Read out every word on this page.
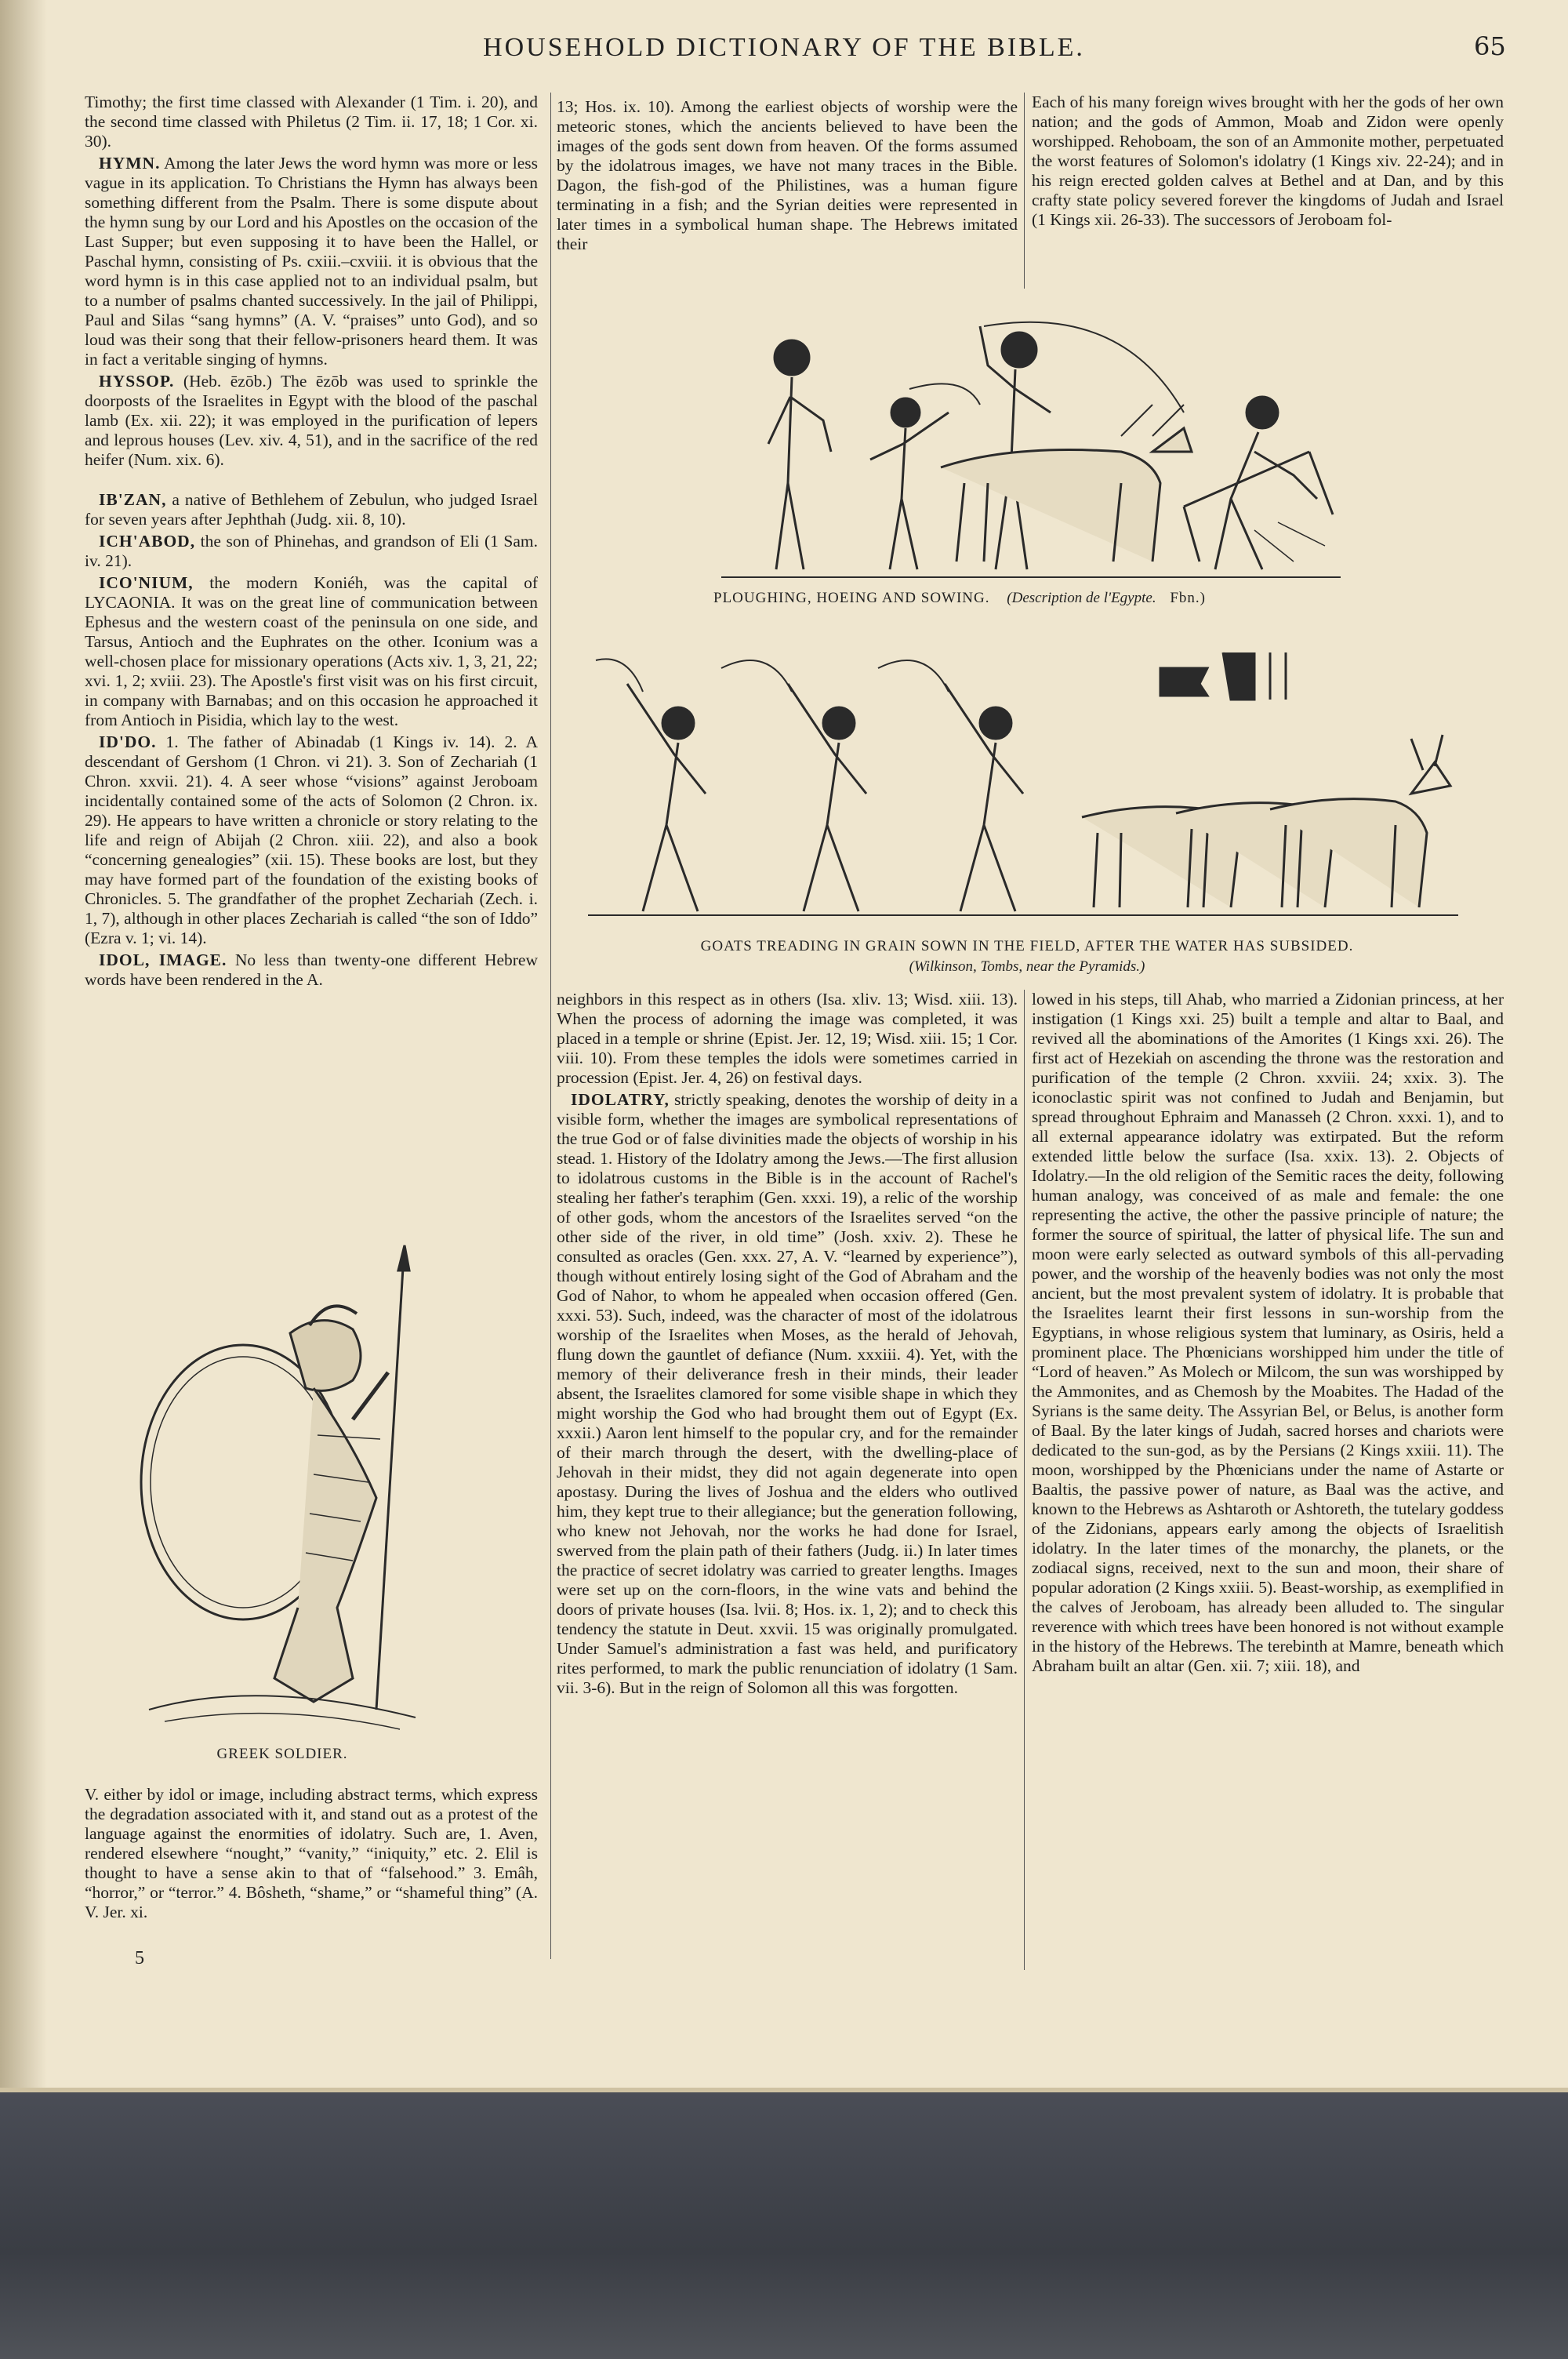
HOUSEHOLD DICTIONARY OF THE BIBLE.	65

Timothy; the first time classed with Alexander (1 Tim. i. 20), and the second time classed with Philetus (2 Tim. ii. 17, 18; 1 Cor. xi. 30).

HYMN. Among the later Jews the word hymn was more or less vague in its application. To Christians the Hymn has always been something different from the Psalm. There is some dispute about the hymn sung by our Lord and his Apostles on the occasion of the Last Supper; but even supposing it to have been the Hallel, or Paschal hymn, consisting of Ps. cxiii.–cxviii. it is obvious that the word hymn is in this case applied not to an individual psalm, but to a number of psalms chanted successively. In the jail of Philippi, Paul and Silas “sang hymns” (A. V. “praises” unto God), and so loud was their song that their fellow-prisoners heard them. It was in fact a veritable singing of hymns.

HYSSOP. (Heb. ēzōb.) The ēzōb was used to sprinkle the doorposts of the Israelites in Egypt with the blood of the paschal lamb (Ex. xii. 22); it was employed in the purification of lepers and leprous houses (Lev. xiv. 4, 51), and in the sacrifice of the red heifer (Num. xix. 6).

IB'ZAN, a native of Bethlehem of Zebulun, who judged Israel for seven years after Jephthah (Judg. xii. 8, 10).

ICH'ABOD, the son of Phinehas, and grandson of Eli (1 Sam. iv. 21).

ICO'NIUM, the modern Koniéh, was the capital of LYCAONIA. It was on the great line of communication between Ephesus and the western coast of the peninsula on one side, and Tarsus, Antioch and the Euphrates on the other. Iconium was a well-chosen place for missionary operations (Acts xiv. 1, 3, 21, 22; xvi. 1, 2; xviii. 23). The Apostle's first visit was on his first circuit, in company with Barnabas; and on this occasion he approached it from Antioch in Pisidia, which lay to the west.

ID'DO. 1. The father of Abinadab (1 Kings iv. 14). 2. A descendant of Gershom (1 Chron. vi 21). 3. Son of Zechariah (1 Chron. xxvii. 21). 4. A seer whose “visions” against Jeroboam incidentally contained some of the acts of Solomon (2 Chron. ix. 29). He appears to have written a chronicle or story relating to the life and reign of Abijah (2 Chron. xiii. 22), and also a book “concerning genealogies” (xii. 15). These books are lost, but they may have formed part of the foundation of the existing books of Chronicles. 5. The grandfather of the prophet Zechariah (Zech. i. 1, 7), although in other places Zechariah is called “the son of Iddo” (Ezra v. 1; vi. 14).

IDOL, IMAGE. No less than twenty-one different Hebrew words have been rendered in the A.

GREEK SOLDIER.

V. either by idol or image, including abstract terms, which express the degradation associated with it, and stand out as a protest of the language against the enormities of idolatry. Such are, 1. Aven, rendered elsewhere “nought,” “vanity,” “iniquity,” etc. 2. Elil is thought to have a sense akin to that of “falsehood.” 3. Emâh, “horror,” or “terror.” 4. Bôsheth, “shame,” or “shameful thing” (A. V. Jer. xi.

5

13; Hos. ix. 10). Among the earliest objects of worship were the meteoric stones, which the ancients believed to have been the images of the gods sent down from heaven. Of the forms assumed by the idolatrous images, we have not many traces in the Bible. Dagon, the fish-god of the Philistines, was a human figure terminating in a fish; and the Syrian deities were represented in later times in a symbolical human shape. The Hebrews imitated their

Each of his many foreign wives brought with her the gods of her own nation; and the gods of Ammon, Moab and Zidon were openly worshipped. Rehoboam, the son of an Ammonite mother, perpetuated the worst features of Solomon's idolatry (1 Kings xiv. 22-24); and in his reign erected golden calves at Bethel and at Dan, and by this crafty state policy severed forever the kingdoms of Judah and Israel (1 Kings xii. 26-33). The successors of Jeroboam fol-

PLOUGHING, HOEING AND SOWING. (Description de l'Egypte. Fbn.)
GOATS TREADING IN GRAIN SOWN IN THE FIELD, AFTER THE WATER HAS SUBSIDED.
(Wilkinson, Tombs, near the Pyramids.)

neighbors in this respect as in others (Isa. xliv. 13; Wisd. xiii. 13). When the process of adorning the image was completed, it was placed in a temple or shrine (Epist. Jer. 12, 19; Wisd. xiii. 15; 1 Cor. viii. 10). From these temples the idols were sometimes carried in procession (Epist. Jer. 4, 26) on festival days.

IDOLATRY, strictly speaking, denotes the worship of deity in a visible form, whether the images are symbolical representations of the true God or of false divinities made the objects of worship in his stead. 1. History of the Idolatry among the Jews.—The first allusion to idolatrous customs in the Bible is in the account of Rachel's stealing her father's teraphim (Gen. xxxi. 19), a relic of the worship of other gods, whom the ancestors of the Israelites served “on the other side of the river, in old time” (Josh. xxiv. 2). These he consulted as oracles (Gen. xxx. 27, A. V. “learned by experience”), though without entirely losing sight of the God of Abraham and the God of Nahor, to whom he appealed when occasion offered (Gen. xxxi. 53). Such, indeed, was the character of most of the idolatrous worship of the Israelites when Moses, as the herald of Jehovah, flung down the gauntlet of defiance (Num. xxxiii. 4). Yet, with the memory of their deliverance fresh in their minds, their leader absent, the Israelites clamored for some visible shape in which they might worship the God who had brought them out of Egypt (Ex. xxxii.) Aaron lent himself to the popular cry, and for the remainder of their march through the desert, with the dwelling-place of Jehovah in their midst, they did not again degenerate into open apostasy. During the lives of Joshua and the elders who outlived him, they kept true to their allegiance; but the generation following, who knew not Jehovah, nor the works he had done for Israel, swerved from the plain path of their fathers (Judg. ii.) In later times the practice of secret idolatry was carried to greater lengths. Images were set up on the corn-floors, in the wine vats and behind the doors of private houses (Isa. lvii. 8; Hos. ix. 1, 2); and to check this tendency the statute in Deut. xxvii. 15 was originally promulgated. Under Samuel's administration a fast was held, and purificatory rites performed, to mark the public renunciation of idolatry (1 Sam. vii. 3-6). But in the reign of Solomon all this was forgotten.

lowed in his steps, till Ahab, who married a Zidonian princess, at her instigation (1 Kings xxi. 25) built a temple and altar to Baal, and revived all the abominations of the Amorites (1 Kings xxi. 26). The first act of Hezekiah on ascending the throne was the restoration and purification of the temple (2 Chron. xxviii. 24; xxix. 3). The iconoclastic spirit was not confined to Judah and Benjamin, but spread throughout Ephraim and Manasseh (2 Chron. xxxi. 1), and to all external appearance idolatry was extirpated. But the reform extended little below the surface (Isa. xxix. 13). 2. Objects of Idolatry.—In the old religion of the Semitic races the deity, following human analogy, was conceived of as male and female: the one representing the active, the other the passive principle of nature; the former the source of spiritual, the latter of physical life. The sun and moon were early selected as outward symbols of this all-pervading power, and the worship of the heavenly bodies was not only the most ancient, but the most prevalent system of idolatry. It is probable that the Israelites learnt their first lessons in sun-worship from the Egyptians, in whose religious system that luminary, as Osiris, held a prominent place. The Phœnicians worshipped him under the title of “Lord of heaven.” As Molech or Milcom, the sun was worshipped by the Ammonites, and as Chemosh by the Moabites. The Hadad of the Syrians is the same deity. The Assyrian Bel, or Belus, is another form of Baal. By the later kings of Judah, sacred horses and chariots were dedicated to the sun-god, as by the Persians (2 Kings xxiii. 11). The moon, worshipped by the Phœnicians under the name of Astarte or Baaltis, the passive power of nature, as Baal was the active, and known to the Hebrews as Ashtaroth or Ashtoreth, the tutelary goddess of the Zidonians, appears early among the objects of Israelitish idolatry. In the later times of the monarchy, the planets, or the zodiacal signs, received, next to the sun and moon, their share of popular adoration (2 Kings xxiii. 5). Beast-worship, as exemplified in the calves of Jeroboam, has already been alluded to. The singular reverence with which trees have been honored is not without example in the history of the Hebrews. The terebinth at Mamre, beneath which Abraham built an altar (Gen. xii. 7; xiii. 18), and
